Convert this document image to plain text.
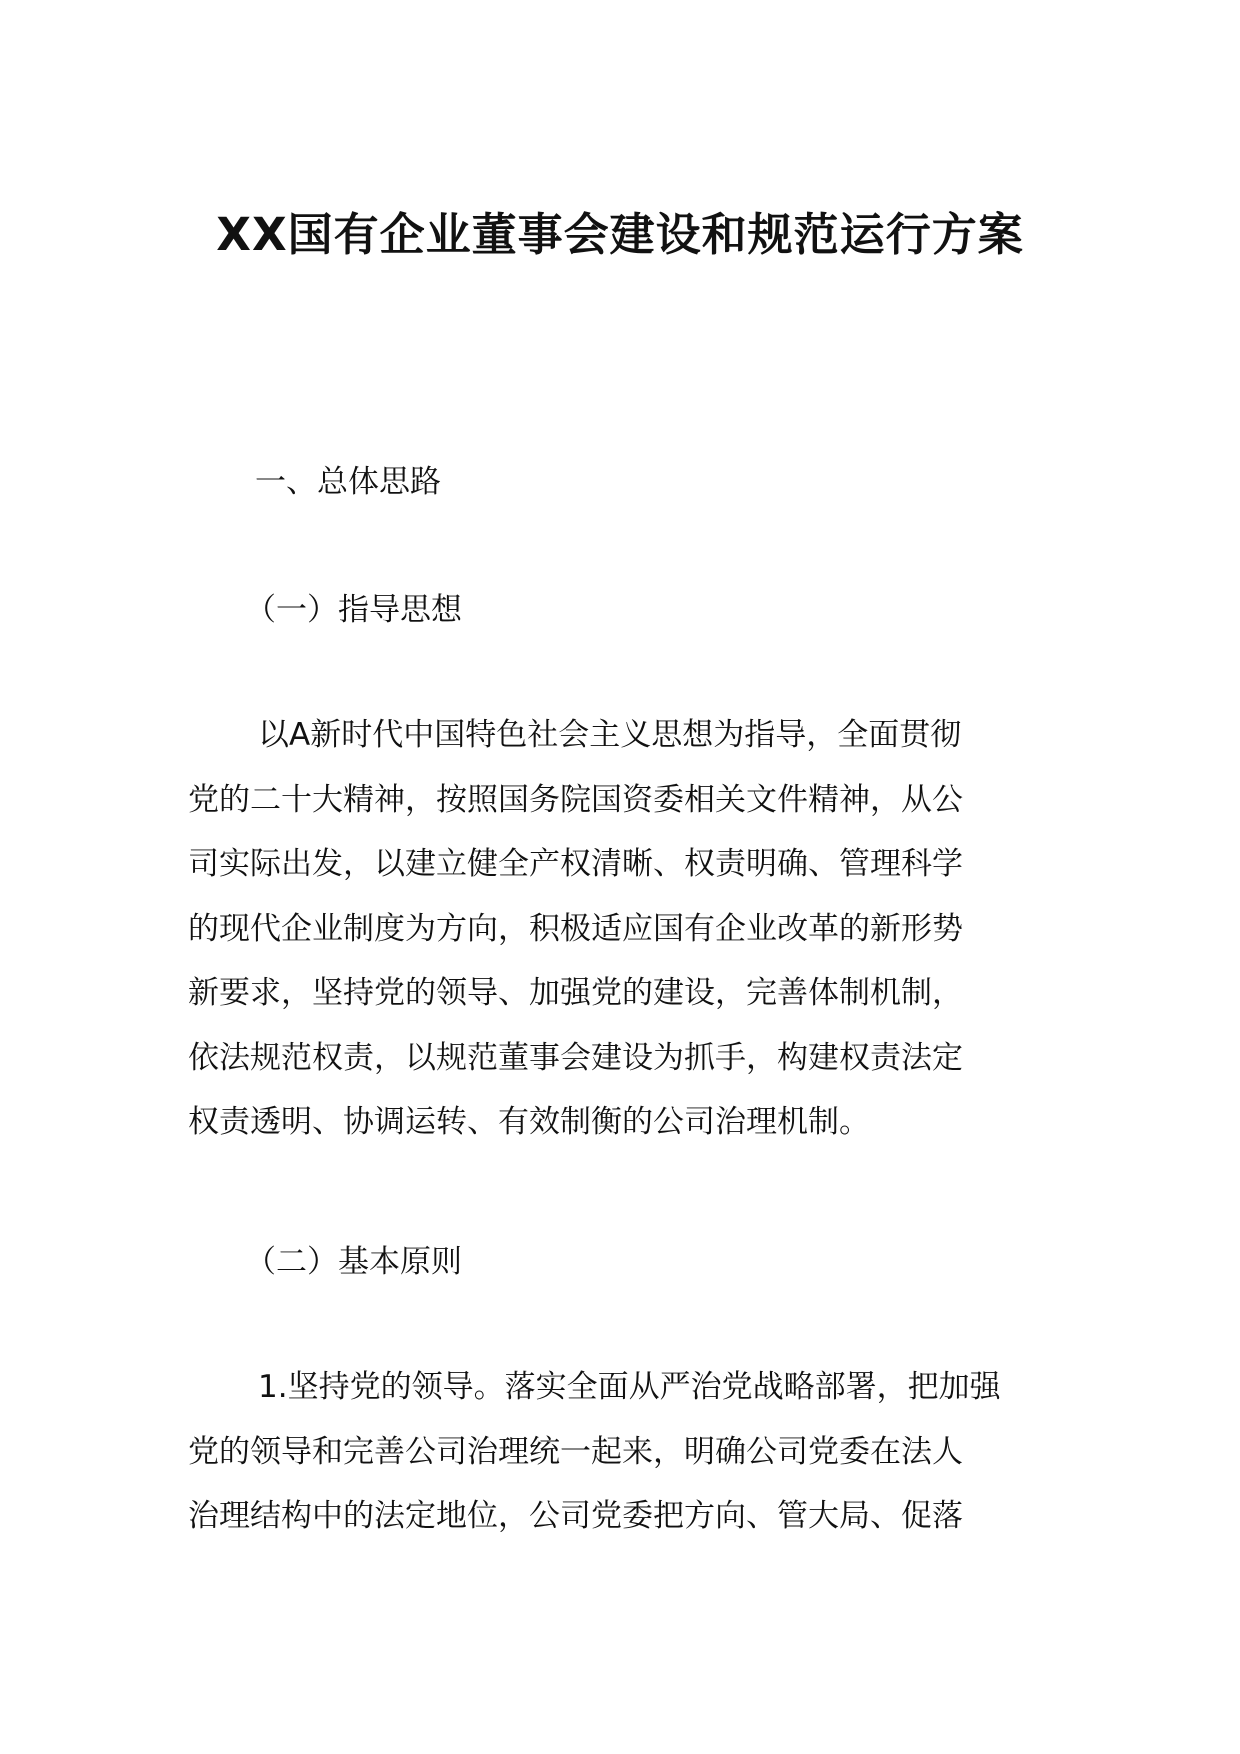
XX国有企业董事会建设和规范运行方案
一、总体思路
（一）指导思想
以A新时代中国特色社会主义思想为指导，全面贯彻
党的二十大精神，按照国务院国资委相关文件精神，从公
司实际出发，以建立健全产权清晰、权责明确、管理科学
的现代企业制度为方向，积极适应国有企业改革的新形势
新要求，坚持党的领导、加强党的建设，完善体制机制，
依法规范权责，以规范董事会建设为抓手，构建权责法定
权责透明、协调运转、有效制衡的公司治理机制。
（二）基本原则
1.坚持党的领导。落实全面从严治党战略部署，把加强
党的领导和完善公司治理统一起来，明确公司党委在法人
治理结构中的法定地位，公司党委把方向、管大局、促落
